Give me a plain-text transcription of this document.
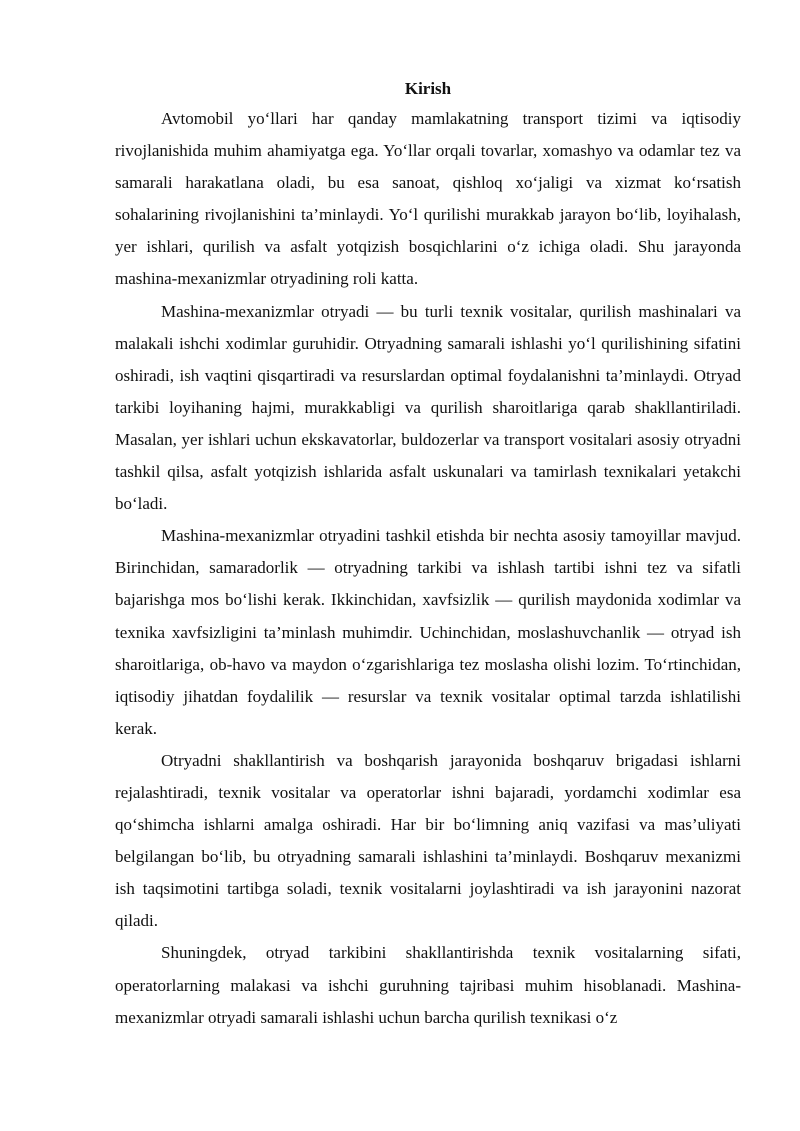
Kirish

Avtomobil yo‘llari har qanday mamlakatning transport tizimi va iqtisodiy rivojlanishida muhim ahamiyatga ega. Yo‘llar orqali tovarlar, xomashyo va odamlar tez va samarali harakatlana oladi, bu esa sanoat, qishloq xo‘jaligi va xizmat ko‘rsatish sohalarining rivojlanishini ta’minlaydi. Yo‘l qurilishi murakkab jarayon bo‘lib, loyihalash, yer ishlari, qurilish va asfalt yotqizish bosqichlarini o‘z ichiga oladi. Shu jarayonda mashina-mexanizmlar otryadining roli katta.

Mashina-mexanizmlar otryadi — bu turli texnik vositalar, qurilish mashinalari va malakali ishchi xodimlar guruhidir. Otryadning samarali ishlashi yo‘l qurilishining sifatini oshiradi, ish vaqtini qisqartiradi va resurslardan optimal foydalanishni ta’minlaydi. Otryad tarkibi loyihaning hajmi, murakkabligi va qurilish sharoitlariga qarab shakllantiriladi. Masalan, yer ishlari uchun ekskavatorlar, buldozerlar va transport vositalari asosiy otryadni tashkil qilsa, asfalt yotqizish ishlarida asfalt uskunalari va tamirlash texnikalari yetakchi bo‘ladi.

Mashina-mexanizmlar otryadini tashkil etishda bir nechta asosiy tamoyillar mavjud. Birinchidan, samaradorlik — otryadning tarkibi va ishlash tartibi ishni tez va sifatli bajarishga mos bo‘lishi kerak. Ikkinchidan, xavfsizlik — qurilish maydonida xodimlar va texnika xavfsizligini ta’minlash muhimdir. Uchinchidan, moslashuvchanlik — otryad ish sharoitlariga, ob-havo va maydon o‘zgarishlariga tez moslasha olishi lozim. To‘rtinchidan, iqtisodiy jihatdan foydalilik — resurslar va texnik vositalar optimal tarzda ishlatilishi kerak.

Otryadni shakllantirish va boshqarish jarayonida boshqaruv brigadasi ishlarni rejalashtiradi, texnik vositalar va operatorlar ishni bajaradi, yordamchi xodimlar esa qo‘shimcha ishlarni amalga oshiradi. Har bir bo‘limning aniq vazifasi va mas’uliyati belgilangan bo‘lib, bu otryadning samarali ishlashini ta’minlaydi. Boshqaruv mexanizmi ish taqsimotini tartibga soladi, texnik vositalarni joylashtiradi va ish jarayonini nazorat qiladi.

Shuningdek, otryad tarkibini shakllantirishda texnik vositalarning sifati, operatorlarning malakasi va ishchi guruhning tajribasi muhim hisoblanadi. Mashina-mexanizmlar otryadi samarali ishlashi uchun barcha qurilish texnikasi o‘z
